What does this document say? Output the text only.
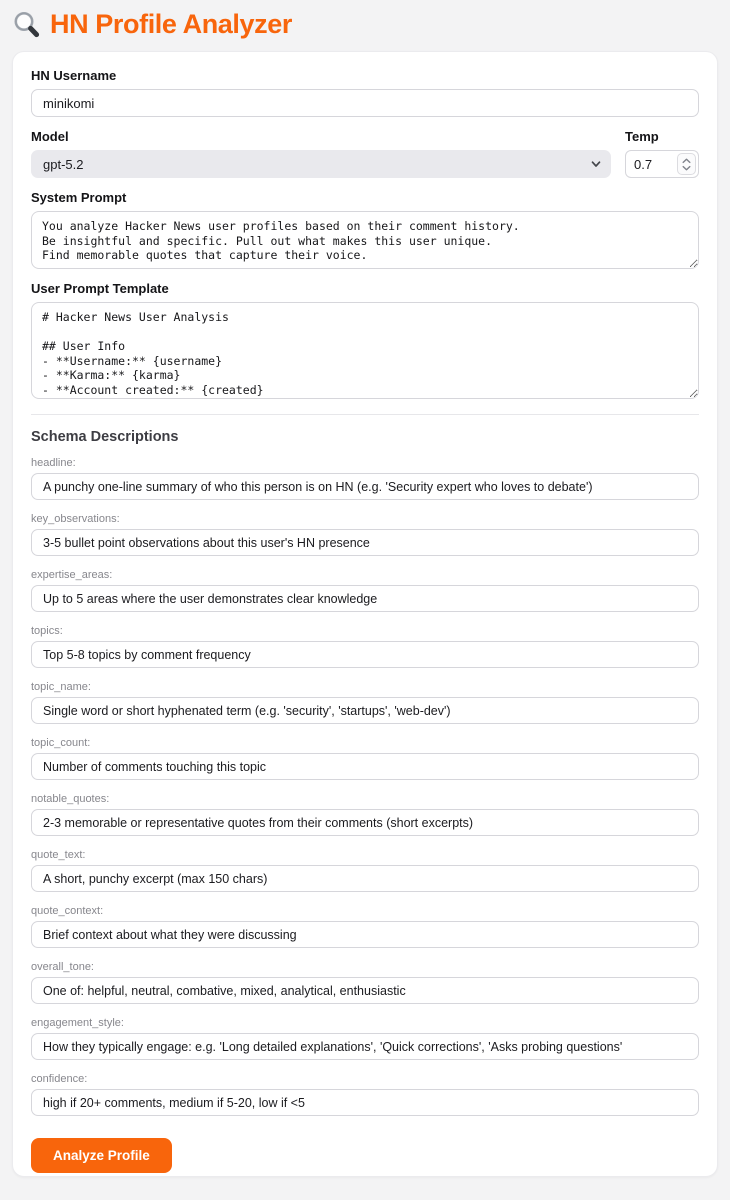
HN Profile Analyzer
HN Username
minikomi
Model
gpt-5.2	Temp
0.7
System Prompt
You analyze Hacker News user profiles based on their comment history. Be insightful and specific. Pull out what makes this user unique. Find memorable quotes that capture their voice.
User Prompt Template
# Hacker News User Analysis ## User Info - **Username:** {username} - **Karma:** {karma} - **Account created:** {created} - **Bio:** {about}
Schema Descriptions
headline:
A punchy one-line summary of who this person is on HN (e.g. 'Security expert who loves to debate')
key_observations:
3-5 bullet point observations about this user's HN presence
expertise_areas:
Up to 5 areas where the user demonstrates clear knowledge
topics:
Top 5-8 topics by comment frequency
topic_name:
Single word or short hyphenated term (e.g. 'security', 'startups', 'web-dev')
topic_count:
Number of comments touching this topic
notable_quotes:
2-3 memorable or representative quotes from their comments (short excerpts)
quote_text:
A short, punchy excerpt (max 150 chars)
quote_context:
Brief context about what they were discussing
overall_tone:
One of: helpful, neutral, combative, mixed, analytical, enthusiastic
engagement_style:
How they typically engage: e.g. 'Long detailed explanations', 'Quick corrections', 'Asks probing questions'
confidence:
high if 20+ comments, medium if 5-20, low if <5
Analyze Profile
